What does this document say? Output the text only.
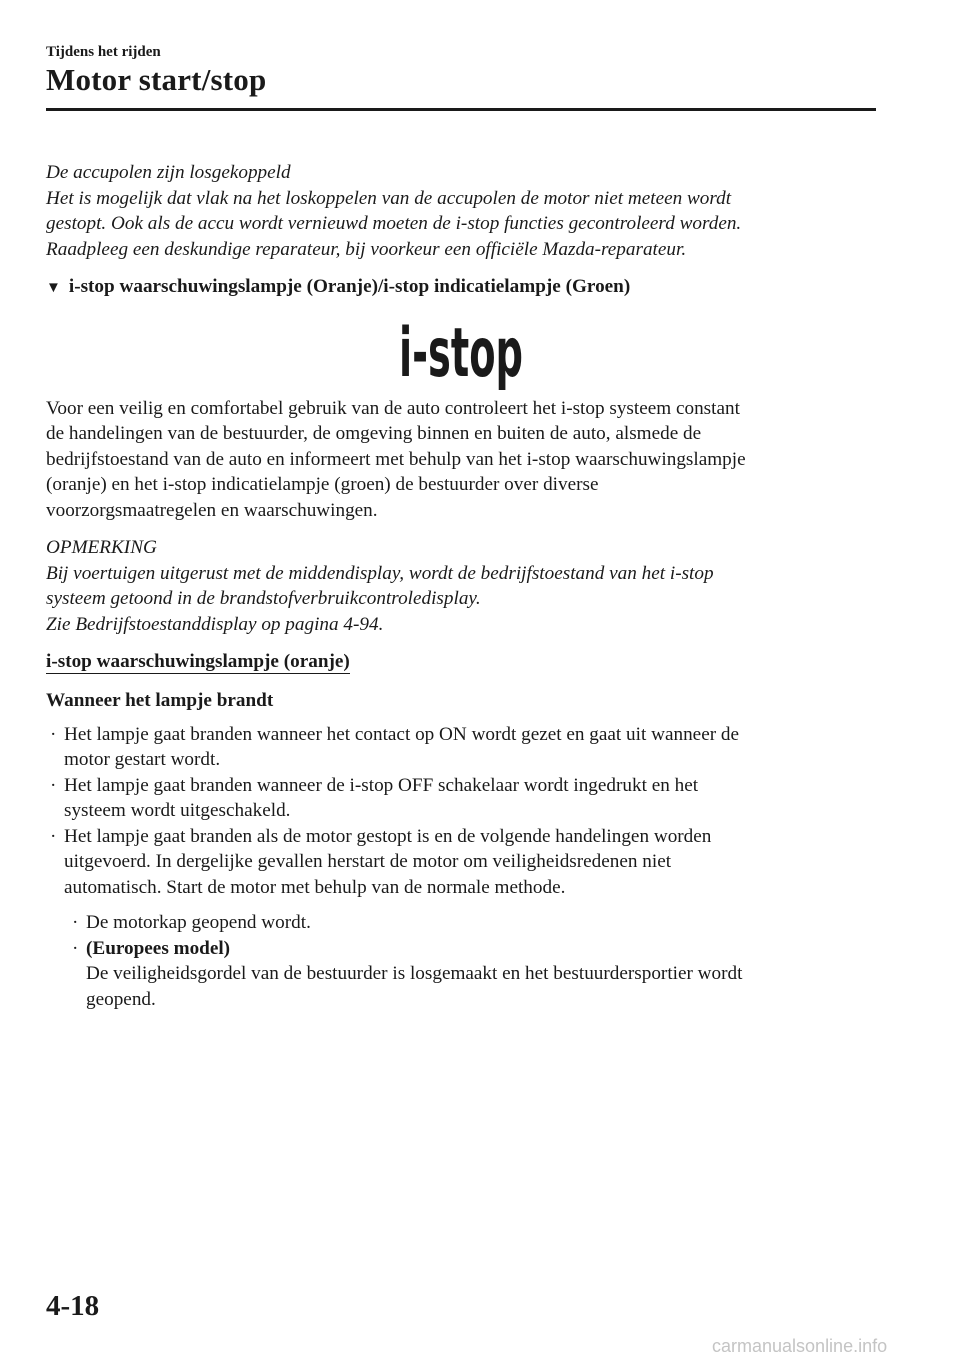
Tijdens het rijden
Motor start/stop

De accupolen zijn losgekoppeld

Het is mogelijk dat vlak na het loskoppelen van de accupolen de motor niet meteen wordt

gestopt. Ook als de accu wordt vernieuwd moeten de i-stop functies gecontroleerd worden.

Raadpleeg een deskundige reparateur, bij voorkeur een officiële Mazda-reparateur.

▼ i-stop waarschuwingslampje (Oranje)/i-stop indicatielampje (Groen)

i-stop

Voor een veilig en comfortabel gebruik van de auto controleert het i-stop systeem constant

de handelingen van de bestuurder, de omgeving binnen en buiten de auto, alsmede de

bedrijfstoestand van de auto en informeert met behulp van het i-stop waarschuwingslampje

(oranje) en het i-stop indicatielampje (groen) de bestuurder over diverse

voorzorgsmaatregelen en waarschuwingen.

OPMERKING

Bij voertuigen uitgerust met de middendisplay, wordt de bedrijfstoestand van het i-stop

systeem getoond in de brandstofverbruikcontroledisplay.

Zie Bedrijfstoestanddisplay op pagina 4-94.

i-stop waarschuwingslampje (oranje)

Wanneer het lampje brandt

· Het lampje gaat branden wanneer het contact op ON wordt gezet en gaat uit wanneer de

motor gestart wordt.

· Het lampje gaat branden wanneer de i-stop OFF schakelaar wordt ingedrukt en het

systeem wordt uitgeschakeld.

· Het lampje gaat branden als de motor gestopt is en de volgende handelingen worden

uitgevoerd. In dergelijke gevallen herstart de motor om veiligheidsredenen niet

automatisch. Start de motor met behulp van de normale methode.

· De motorkap geopend wordt.

· (Europees model)

De veiligheidsgordel van de bestuurder is losgemaakt en het bestuurdersportier wordt

geopend.

4-18
carmanualsonline.info
